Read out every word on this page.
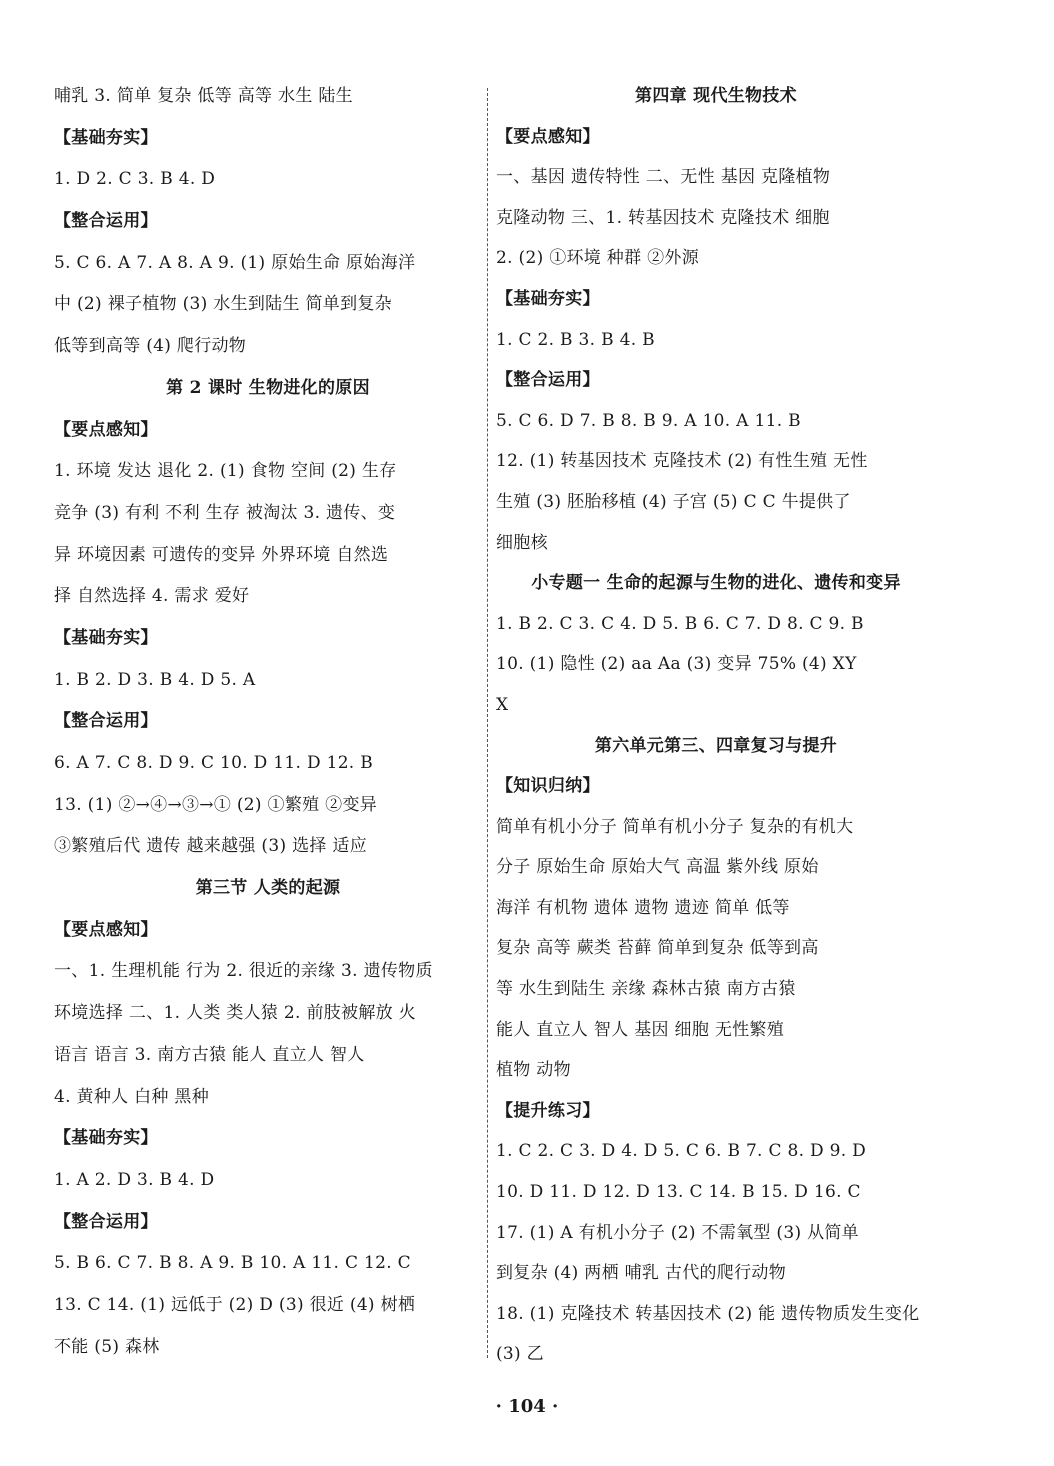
哺乳 3. 简单 复杂 低等 高等 水生 陆生
【基础夯实】
1. D 2. C 3. B 4. D
【整合运用】
5. C 6. A 7. A 8. A 9. (1) 原始生命 原始海洋
中 (2) 裸子植物 (3) 水生到陆生 简单到复杂
低等到高等 (4) 爬行动物
第 2 课时 生物进化的原因
【要点感知】
1. 环境 发达 退化 2. (1) 食物 空间 (2) 生存
竞争 (3) 有利 不利 生存 被淘汰 3. 遗传、变
异 环境因素 可遗传的变异 外界环境 自然选
择 自然选择 4. 需求 爱好
【基础夯实】
1. B 2. D 3. B 4. D 5. A
【整合运用】
6. A 7. C 8. D 9. C 10. D 11. D 12. B
13. (1) ②→④→③→① (2) ①繁殖 ②变异
③繁殖后代 遗传 越来越强 (3) 选择 适应
第三节 人类的起源
【要点感知】
一、1. 生理机能 行为 2. 很近的亲缘 3. 遗传物质
环境选择 二、1. 人类 类人猿 2. 前肢被解放 火
语言 语言 3. 南方古猿 能人 直立人 智人
4. 黄种人 白种 黑种
【基础夯实】
1. A 2. D 3. B 4. D
【整合运用】
5. B 6. C 7. B 8. A 9. B 10. A 11. C 12. C
13. C 14. (1) 远低于 (2) D (3) 很近 (4) 树栖
不能 (5) 森林
第四章 现代生物技术
【要点感知】
一、基因 遗传特性 二、无性 基因 克隆植物
克隆动物 三、1. 转基因技术 克隆技术 细胞
2. (2) ①环境 种群 ②外源
【基础夯实】
1. C 2. B 3. B 4. B
【整合运用】
5. C 6. D 7. B 8. B 9. A 10. A 11. B
12. (1) 转基因技术 克隆技术 (2) 有性生殖 无性
生殖 (3) 胚胎移植 (4) 子宫 (5) C C 牛提供了
细胞核
小专题一 生命的起源与生物的进化、遗传和变异
1. B 2. C 3. C 4. D 5. B 6. C 7. D 8. C 9. B
10. (1) 隐性 (2) aa Aa (3) 变异 75% (4) XY
X
第六单元第三、四章复习与提升
【知识归纳】
简单有机小分子 简单有机小分子 复杂的有机大
分子 原始生命 原始大气 高温 紫外线 原始
海洋 有机物 遗体 遗物 遗迹 简单 低等
复杂 高等 蕨类 苔藓 简单到复杂 低等到高
等 水生到陆生 亲缘 森林古猿 南方古猿
能人 直立人 智人 基因 细胞 无性繁殖
植物 动物
【提升练习】
1. C 2. C 3. D 4. D 5. C 6. B 7. C 8. D 9. D
10. D 11. D 12. D 13. C 14. B 15. D 16. C
17. (1) A 有机小分子 (2) 不需氧型 (3) 从简单
到复杂 (4) 两栖 哺乳 古代的爬行动物
18. (1) 克隆技术 转基因技术 (2) 能 遗传物质发生变化
(3) 乙
· 104 ·
